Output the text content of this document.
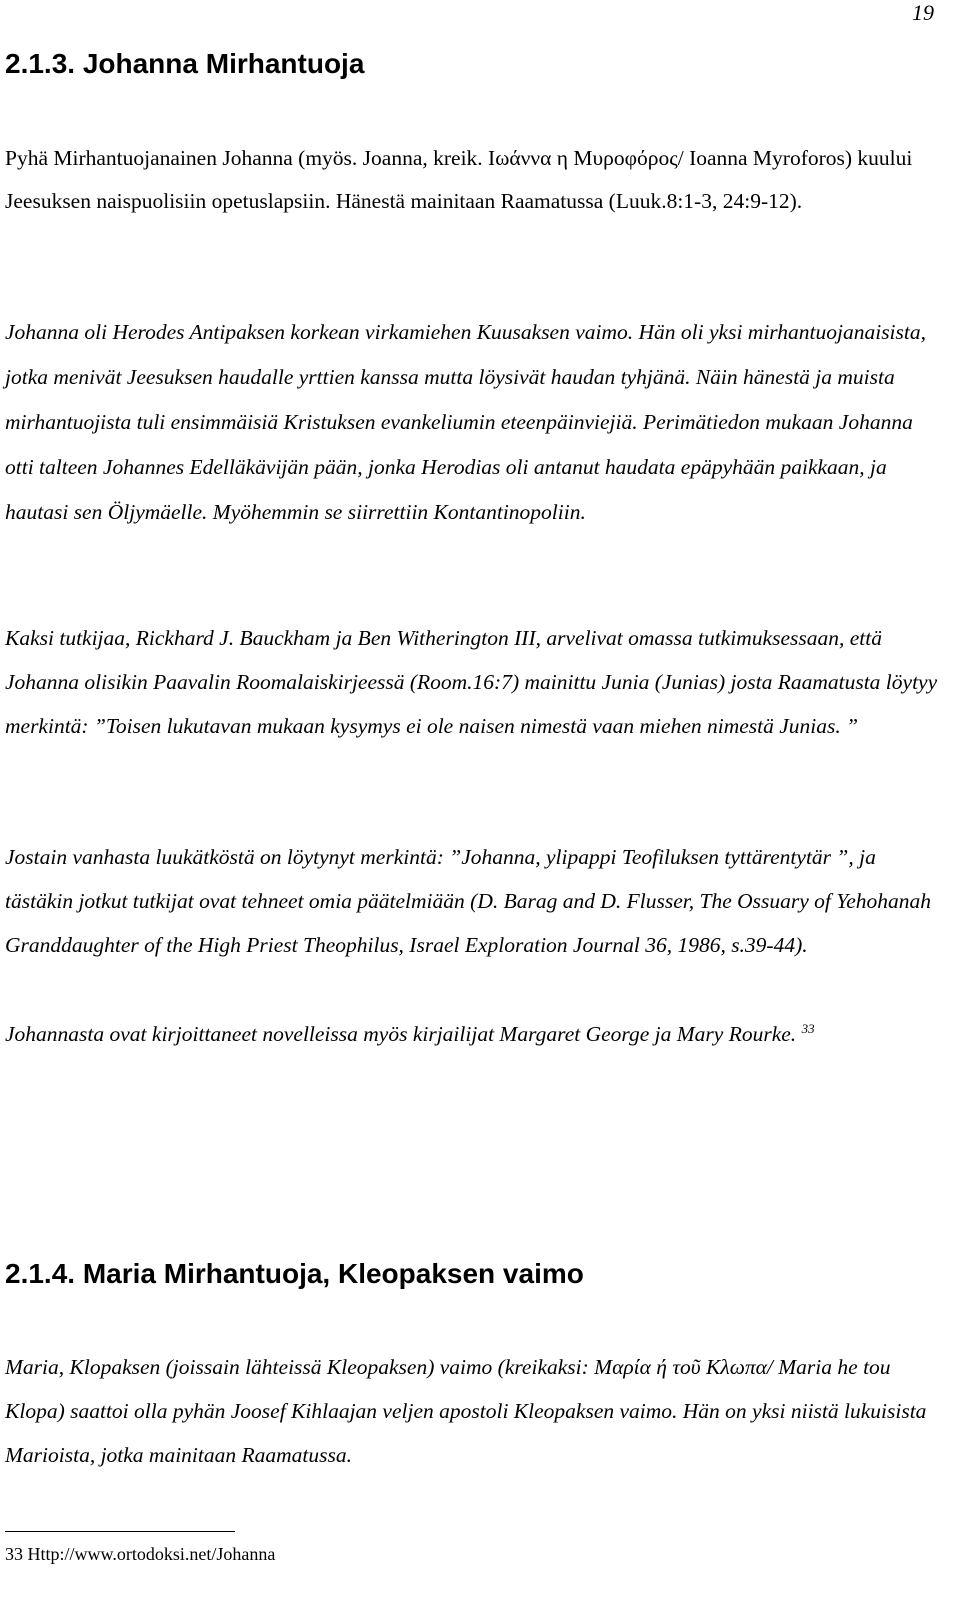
19
2.1.3. Johanna Mirhantuoja

Pyhä Mirhantuojanainen Johanna (myös. Joanna, kreik. Ιωάννα η Μυροφόρος/ Ioanna Myroforos) kuului Jeesuksen naispuolisiin opetuslapsiin. Hänestä mainitaan Raamatussa (Luuk.8:1-3, 24:9-12).

Johanna oli Herodes Antipaksen korkean virkamiehen Kuusaksen vaimo. Hän oli yksi mirhantuojanaisista, jotka menivät Jeesuksen haudalle yrttien kanssa mutta löysivät haudan tyhjänä. Näin hänestä ja muista mirhantuojista tuli ensimmäisiä Kristuksen evankeliumin eteenpäinviejiä. Perimätiedon mukaan Johanna otti talteen Johannes Edelläkävijän pään, jonka Herodias oli antanut haudata epäpyhään paikkaan, ja hautasi sen Öljymäelle. Myöhemmin se siirrettiin Kontantinopoliin.

Kaksi tutkijaa, Rickhard J. Bauckham ja Ben Witherington III, arvelivat omassa tutkimuksessaan, että Johanna olisikin Paavalin Roomalaiskirjeessä (Room.16:7) mainittu Junia (Junias) josta Raamatusta löytyy merkintä: ”Toisen lukutavan mukaan kysymys ei ole naisen nimestä vaan miehen nimestä Junias. ”

Jostain vanhasta luukätköstä on löytynyt merkintä: ”Johanna, ylipappi Teofiluksen tyttärentytär ”, ja tästäkin jotkut tutkijat ovat tehneet omia päätelmiään (D. Barag and D. Flusser, The Ossuary of Yehohanah Granddaughter of the High Priest Theophilus, Israel Exploration Journal 36, 1986, s.39-44).

Johannasta ovat kirjoittaneet novelleissa myös kirjailijat Margaret George ja Mary Rourke. $^{33}$

2.1.4. Maria Mirhantuoja, Kleopaksen vaimo

Maria, Klopaksen (joissain lähteissä Kleopaksen) vaimo (kreikaksi: Μαρία ή τοῦ Κλωπα/ Maria he tou Klopa) saattoi olla pyhän Joosef Kihlaajan veljen apostoli Kleopaksen vaimo. Hän on yksi niistä lukuisista Marioista, jotka mainitaan Raamatussa.

33 Http://www.ortodoksi.net/Johanna
